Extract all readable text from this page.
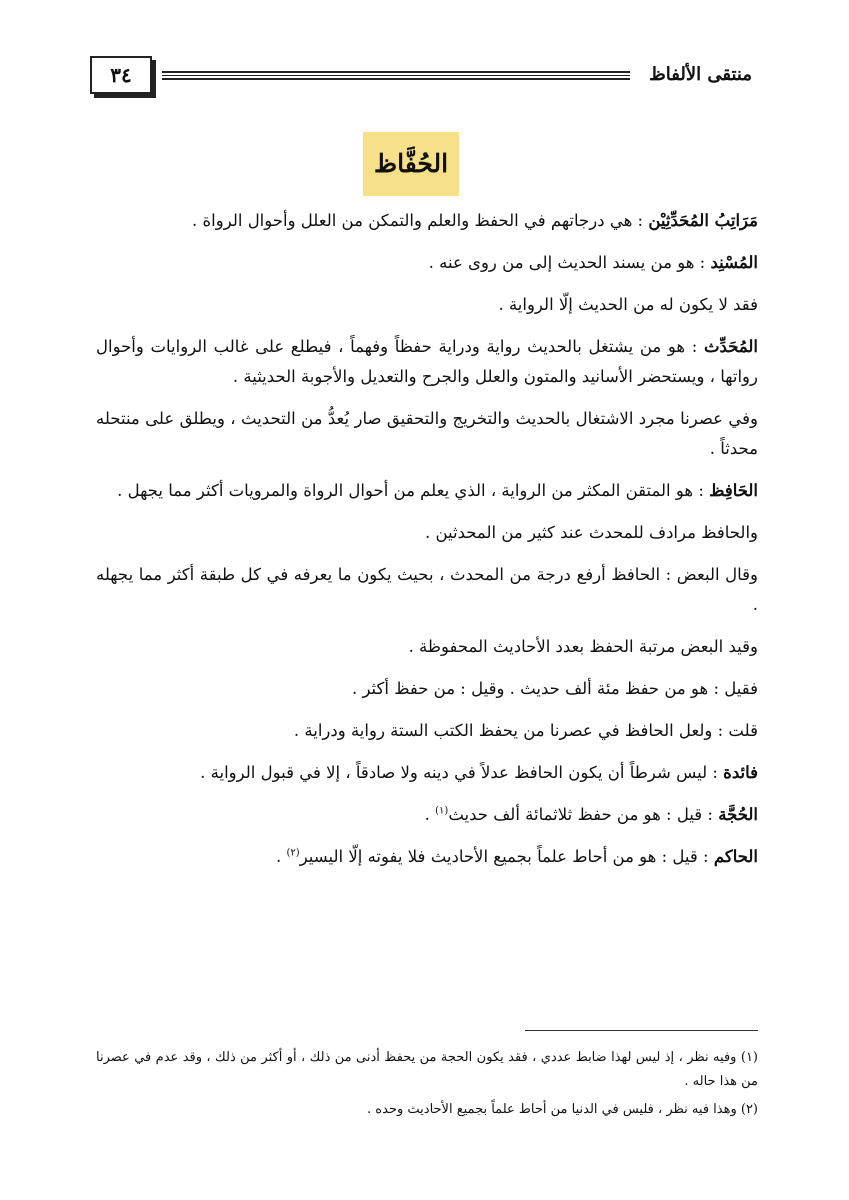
٣٤	منتقى الألفاظ
الحُفَّاظ

مَرَاتِبُ المُحَدِّثِيْن : هي درجاتهم في الحفظ والعلم والتمكن من العلل وأحوال الرواة .

المُسْنِد : هو من يسند الحديث إلى من روى عنه .

فقد لا يكون له من الحديث إلّا الرواية .

المُحَدِّث : هو من يشتغل بالحديث رواية ودراية حفظاً وفهماً ، فيطلع على غالب الروايات وأحوال رواتها ، ويستحضر الأسانيد والمتون والعلل والجرح والتعديل والأجوبة الحديثية .

وفي عصرنا مجرد الاشتغال بالحديث والتخريج والتحقيق صار يُعدُّ من التحديث ، ويطلق على منتحله محدثاً .

الحَافِظ : هو المتقن المكثر من الرواية ، الذي يعلم من أحوال الرواة والمرويات أكثر مما يجهل .

والحافظ مرادف للمحدث عند كثير من المحدثين .

وقال البعض : الحافظ أرفع درجة من المحدث ، بحيث يكون ما يعرفه في كل طبقة أكثر مما يجهله .

وقيد البعض مرتبة الحفظ بعدد الأحاديث المحفوظة .

فقيل : هو من حفظ مئة ألف حديث . وقيل : من حفظ أكثر .

قلت : ولعل الحافظ في عصرنا من يحفظ الكتب الستة رواية ودراية .

فائدة : ليس شرطاً أن يكون الحافظ عدلاً في دينه ولا صادقاً ، إلا في قبول الرواية .

الحُجَّة : قيل : هو من حفظ ثلاثمائة ألف حديث$^{(١)}$ .

الحاكم : قيل : هو من أحاط علماً بجميع الأحاديث فلا يفوته إلّا اليسير$^{(٢)}$ .

(١) وفيه نظر ، إذ ليس لهذا ضابط عددي ، فقد يكون الحجة من يحفظ أدنى من ذلك ، أو أكثر من ذلك ، وقد عدم في عصرنا من هذا حاله .

(٢) وهذا فيه نظر ، فليس في الدنيا من أحاط علماً بجميع الأحاديث وحده .
